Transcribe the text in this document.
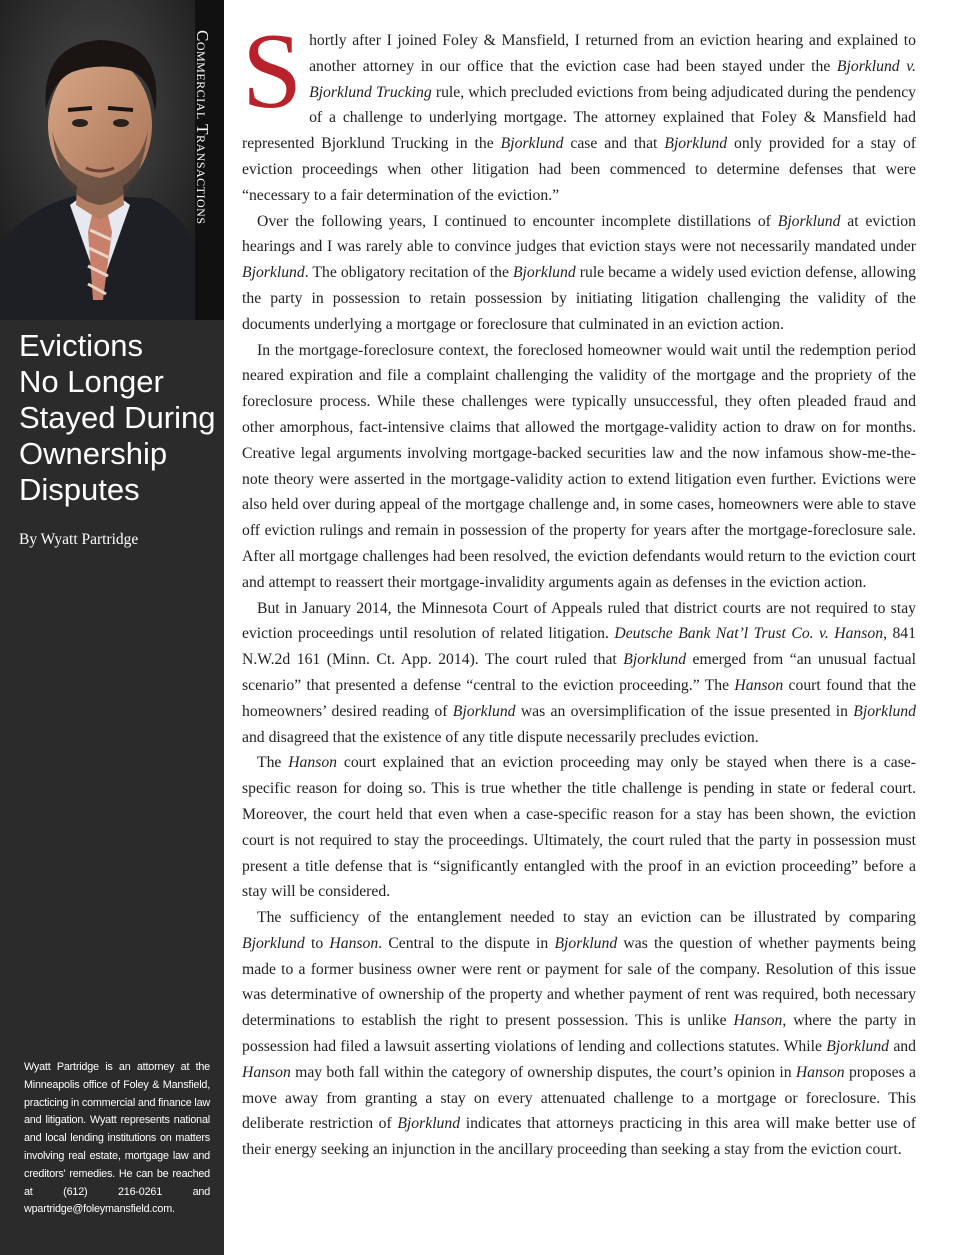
Commercial Transactions
Evictions
No Longer
Stayed During
Ownership
Disputes
By Wyatt Partridge
Wyatt Partridge is an attorney at the Minneapolis office of Foley & Mansfield, practicing in commercial and finance law and litigation. Wyatt represents national and local lending institutions on matters involving real estate, mortgage law and creditors' remedies. He can be reached at (612) 216-0261 and wpartridge@foleymansfield.com.

Shortly after I joined Foley & Mansfield, I returned from an eviction hearing and explained to another attorney in our office that the eviction case had been stayed under the Bjorklund v. Bjorklund Trucking rule, which precluded evictions from being adjudicated during the pendency of a challenge to underlying mortgage. The attorney explained that Foley & Mansfield had represented Bjorklund Trucking in the Bjorklund case and that Bjorklund only provided for a stay of eviction proceedings when other litigation had been commenced to determine defenses that were “necessary to a fair determination of the eviction.”

Over the following years, I continued to encounter incomplete distillations of Bjorklund at eviction hearings and I was rarely able to convince judges that eviction stays were not necessarily mandated under Bjorklund. The obligatory recitation of the Bjorklund rule became a widely used eviction defense, allowing the party in possession to retain possession by initiating litigation challenging the validity of the documents underlying a mortgage or foreclosure that culminated in an eviction action.

In the mortgage-foreclosure context, the foreclosed homeowner would wait until the redemption period neared expiration and file a complaint challenging the validity of the mortgage and the propriety of the foreclosure process. While these challenges were typically unsuccessful, they often pleaded fraud and other amorphous, fact-intensive claims that allowed the mortgage-validity action to draw on for months. Creative legal arguments involving mortgage-backed securities law and the now infamous show-me-the-note theory were asserted in the mortgage-validity action to extend litigation even further. Evictions were also held over during appeal of the mortgage challenge and, in some cases, homeowners were able to stave off eviction rulings and remain in possession of the property for years after the mortgage-foreclosure sale. After all mortgage challenges had been resolved, the eviction defendants would return to the eviction court and attempt to reassert their mortgage-invalidity arguments again as defenses in the eviction action.

But in January 2014, the Minnesota Court of Appeals ruled that district courts are not required to stay eviction proceedings until resolution of related litigation. Deutsche Bank Nat’l Trust Co. v. Hanson, 841 N.W.2d 161 (Minn. Ct. App. 2014). The court ruled that Bjorklund emerged from “an unusual factual scenario” that presented a defense “central to the eviction proceeding.” The Hanson court found that the homeowners’ desired reading of Bjorklund was an oversimplification of the issue presented in Bjorklund and disagreed that the existence of any title dispute necessarily precludes eviction.

The Hanson court explained that an eviction proceeding may only be stayed when there is a case-specific reason for doing so. This is true whether the title challenge is pending in state or federal court. Moreover, the court held that even when a case-specific reason for a stay has been shown, the eviction court is not required to stay the proceedings. Ultimately, the court ruled that the party in possession must present a title defense that is “significantly entangled with the proof in an eviction proceeding” before a stay will be considered.

The sufficiency of the entanglement needed to stay an eviction can be illustrated by comparing Bjorklund to Hanson. Central to the dispute in Bjorklund was the question of whether payments being made to a former business owner were rent or payment for sale of the company. Resolution of this issue was determinative of ownership of the property and whether payment of rent was required, both necessary determinations to establish the right to present possession. This is unlike Hanson, where the party in possession had filed a lawsuit asserting violations of lending and collections statutes. While Bjorklund and Hanson may both fall within the category of ownership disputes, the court’s opinion in Hanson proposes a move away from granting a stay on every attenuated challenge to a mortgage or foreclosure. This deliberate restriction of Bjorklund indicates that attorneys practicing in this area will make better use of their energy seeking an injunction in the ancillary proceeding than seeking a stay from the eviction court.
